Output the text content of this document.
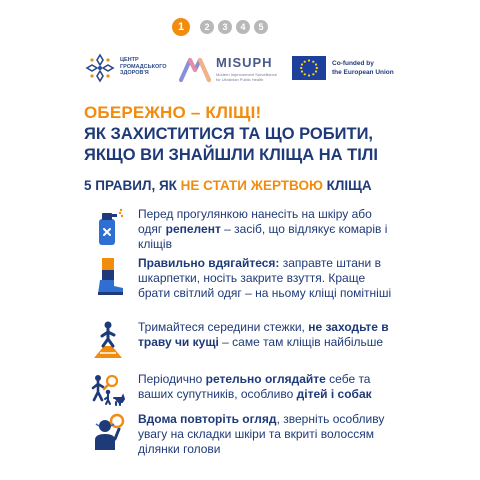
1	2	3	4	5
ЦЕНТР
ГРОМАДСЬКОГО
ЗДОРОВ'Я
MISUPH
Modern Improvement Surveillance
for Ukrainian Public Health
Co-funded by
the European Union
ОБЕРЕЖНО – КЛІЩІ!
ЯК ЗАХИСТИТИСЯ ТА ЩО РОБИТИ,
ЯКЩО ВИ ЗНАЙШЛИ КЛІЩА НА ТІЛІ
5 ПРАВИЛ, ЯК НЕ СТАТИ ЖЕРТВОЮ КЛІЩА
Перед прогулянкою нанесіть на шкіру або одяг репелент – засіб, що відлякує комарів і кліщів
Правильно вдягайтеся: заправте штани в шкарпетки, носіть закрите взуття. Краще брати світлий одяг – на ньому кліщі помітніші
Тримайтеся середини стежки, не заходьте в траву чи кущі – саме там кліщів найбільше
Періодично ретельно оглядайте себе та ваших супутників, особливо дітей і собак
Вдома повторіть огляд, зверніть особливу увагу на складки шкіри та вкриті волоссям ділянки голови
